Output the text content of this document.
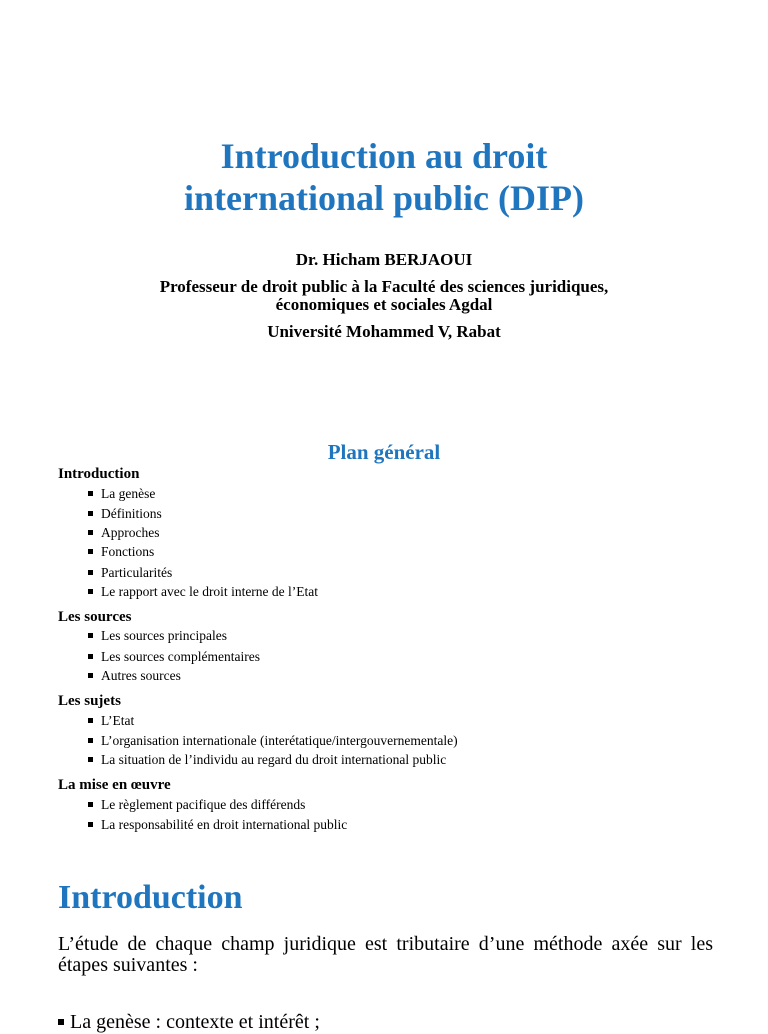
Introduction au droit
international public (DIP)

Dr. Hicham BERJAOUI

Professeur de droit public à la Faculté des sciences juridiques,

économiques et sociales Agdal

Université Mohammed V, Rabat

Plan général

Introduction

La genèse

Définitions

Approches

Fonctions

Particularités

Le rapport avec le droit interne de l’Etat

Les sources

Les sources principales

Les sources complémentaires

Autres sources

Les sujets

L’Etat

L’organisation internationale (interétatique/intergouvernementale)

La situation de l’individu au regard du droit international public

La mise en œuvre

Le règlement pacifique des différends

La responsabilité en droit international public

Introduction

L’étude de chaque champ juridique est tributaire d’une méthode axée sur les étapes suivantes :

La genèse : contexte et intérêt ;
